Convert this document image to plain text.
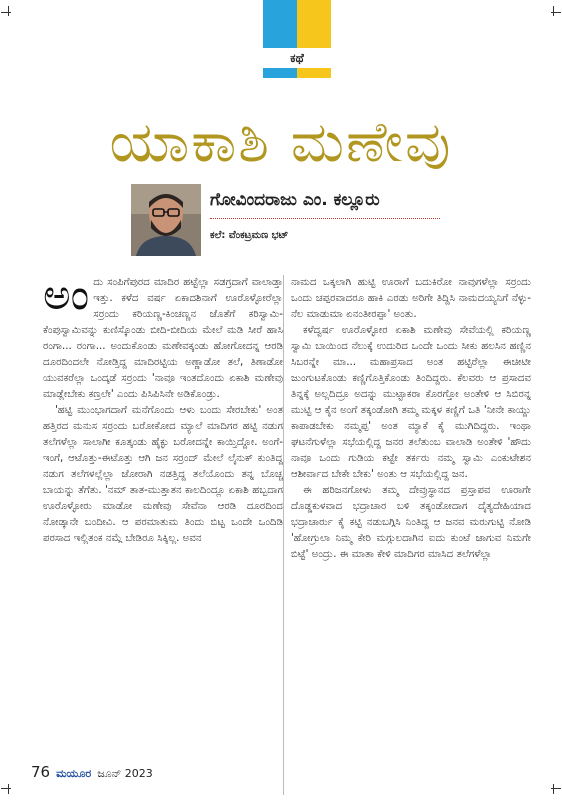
ಕಥೆ
ಯಾಕಾಶಿ ಮಣೇವು
ಗೋವಿಂದರಾಜು ಎಂ. ಕಲ್ಲೂರು
ಕಲೆ: ವೆಂಕಟ್ರಮಣ ಭಟ್

ಅಂದು ಸಂಪಿಗೆಪುರದ ಮಾದಿರ ಹಟ್ಟೆಲ್ಲಾ ಸಡಗ್ರದಾಗೆ ವಾಲಾಡ್ತಾ ಇತ್ತು. ಕಳೆದ ವರ್ಷ ಏಕಾದಶಿನಾಗೆ ಊರೊಳ್ಳೋರೆಲ್ಲಾ ಸರ್ರಂದು ಕರಿಯಣ್ಣ-ಕಿಂಚಣ್ಣನ ಜೊತೆಗೆ ಕರಿಸ್ವಾಮಿ-ಕೆಂಪುಸ್ವಾಮಿವನ್ನು ಕುಣಿಸ್ಕೊಂಡು ಬೀದಿ-ಬೀದಿಯ ಮೇಲೆ ಮಡಿ ಸೀರೆ ಹಾಸಿ ರಂಗಾ... ರಂಗಾ... ಅಂದುಕೊಂಡು ಮಣೇವಕ್ಕಂಡು ಹೋಗೋದನ್ನ ಆರಡಿ ದೂರದಿಂದಲೇ ನೋಡ್ತಿದ್ದ ಮಾದಿರಟ್ಟಿಯ ಅಣ್ಣಾಡೋ ತಲೆ, ತಿಣಾಡೋ ಯುವಕರೆಲ್ಲಾ ಒಂದ್ಕಡೆ ಸರ್ರಂದು 'ನಾವೂ ಇಂತದೊಂದು ಏಕಾಶಿ ಮಣೇವು ಮಾಡ್ಲೇಬೇಕು ಕಣ್ರಲೇ' ಎಂದು ಪಿಸಿಪಿಸಿನೇ ಅಡಿಕೊಂಡ್ರು.

'ಹಟ್ಟಿ ಮುಂಭಾಗದಾಗೆ ಮನೆಗೊಂದು ಆಳು ಬಂದು ಸೇರಬೇಕು' ಅಂತ ಹತ್ತಿರದ ಮನುಸ ಸರ್ರಂದು ಬರೋಕೋದ ಮ್ಯಾಲೆ ಮಾದಿಗರ ಹಟ್ಟಿ ನಡುಗ ತಲೆಗಳೆಲ್ಲಾ ಸಾಲಾಗೀ ಕೂತ್ಕಂಡು ಹೈಕ್ಳು ಬರೋದನ್ನೇ ಕಾಯ್ತಿದ್ದೋ. ಅಂಗೆ-ಇಂಗೆ, ಆಟೊತ್ತು-ಈಟೊತ್ತು ಆಗಿ ಜನ ಸರ್ರಂದ್ ಮೇಲೆ ಲೈನುಕ್ ಕುಂತಿದ್ದ ನಡುಗ ತಲೆಗಳಲ್ಲೆಲ್ಲಾ ಜೋರಾಗಿ ನಡತ್ತಿದ್ದ ತಲೆಯೊಂದು ತನ್ನ ಬೊಚ್ಚ ಬಾಯನ್ನು ತೆಗೆತು. 'ನಮ್ ತಾತ-ಮುತ್ತಾತನ ಕಾಲದಿಂದ್ಲೂ ಏಕಾಶಿ ಹಬ್ಬದಾಗ ಊರೊಳ್ಳೋರು ಮಾಡೋ ಮಣೇವು ಸೇವೆನಾ ಆರಡಿ ದೂರದಿಂದ ನೋಡ್ಕಾನೇ ಬಂದೀವಿ. ಆ ಪರಮಾತುಮ ತಿಂದು ಬಿಟ್ಟ ಒಂದೇ ಒಂದಿಡಿ ಪರಸಾದ ಇಲ್ಲಿತಂಕ ನಮ್ಗೆ ಬೇಡಿರೂ ಸಿಕ್ಕಿಲ್ಲ. ಅವನ

ನಾಮದ ಒಕ್ಕಲಾಗಿ ಹುಟ್ಟಿ ಊರಾಗೆ ಬದುಕಿರೋ ನಾವುಗಳೆಲ್ಲಾ ಸರ್ರಂದು ಒಂದು ಚಪ್ಪರವಾದರೂ ಹಾಕಿ ಎರಡು ಅರಿಗೇ ತಿದ್ದಿಸಿ ನಾಮದಯ್ಯನಿಗೆ ನೆಳ್ಳು-ನೆಲ ಮಾಡುಮಾ ಏನಂತೀರಪ್ಪಾ' ಅಂತು.

ಕಳೆದ್ವರ್ಷ ಊರೊಳ್ಳೋರ ಏಕಾಶಿ ಮಣೇವು ಸೇವೆಯಲ್ಲಿ ಕರಿಯಣ್ಣ ಸ್ವಾಮಿ ಬಾಯಿಂದ ನೆಲುಕ್ಕೆ ಉದುರಿದ ಒಂದೇ ಒಂದು ಸೀಕು ಹಲಸಿನ ಹಣ್ಣಿನ ಸಿಬರನ್ನೇ ಮಾ... ಮಹಾಪ್ರಸಾದ ಅಂತ ಹಟ್ಟಿರೆಲ್ಲಾ ಈಚೀಟೀ ಜುಂಗುಟಕೊಂಡು ಕಣ್ಣಿಗೊತ್ತಿಕೊಂಡು ತಿಂದಿದ್ದರು. ಕೆಲವರು ಆ ಪ್ರಸಾದವ ತಿನ್ನಕ್ಕೆ ಅಲ್ಲದಿದ್ರೂ ಅದನ್ನು ಮುಟ್ಟಾಕರಾ ಕೊರಗ್ತೋ ಅಂತೇಳಿ ಆ ಸಿಬಿರನ್ನ ಮುಟ್ಟಿ ಆ ಕೈನ ಅಂಗೆ ತಕ್ಕಂಡೋಗಿ ತಮ್ಮ ಮಕ್ಕಳ ಕಣ್ಣಿಗೆ ಒತಿ 'ನೀನೇ ಕಾಯ್ದು ಕಾಪಾಡಬೇಕು ನಮ್ಮಪ್ಪ' ಅಂತ ಮ್ಯಾಕೆ ಕೈ ಮುಗಿದಿದ್ದರು. ಇಂಥಾ ಘಟನೆಗುಳೆಲ್ಲಾ ಸಭೆಯಲ್ಲಿದ್ದ ಜನರ ತಲೆತುಂಬ ವಾಲಾಡಿ ಅಂತೇಳಿ 'ಹೌದು ನಾವೂ ಒಂದು ಗುಡಿಯ ಕಟ್ಟೇ ತರ್ಕರು ನಮ್ಮ ಸ್ವಾಮಿ ಎಂಕುಟೇಶನ ಆಶೀರ್ವಾದ ಬೇಕೇ ಬೇಕು' ಅಂತು ಆ ಸಭೆಯಲ್ಲಿದ್ದ ಜನ.

ಈ ಹರಿಜನಗೋಳು ತಮ್ಮ ದೇವ್ರುಸ್ಥಾನದ ಪ್ರಸ್ತಾಪವ ಊರಾಗೇ ದೊಡ್ಡಕುಳವಾದ ಭದ್ರಾಚಾರ ಬಳಿ ತಕ್ಕಂಡೋದಾಗ ದೈತ್ಯದೇಹಿಯಾದ ಭದ್ರಾಚಾರ್ರು ಕೈ ಕಟ್ಟಿ ನಡುಬಗ್ಗಿಸಿ ನಿಂತಿದ್ದ ಆ ಜನವ ಮರುಗುಟ್ಟಿ ನೋಡಿ 'ಹೋಗ್ರುಲಾ ನಿಮ್ಮ ಕೇರಿ ಮಗ್ಗುಲದಾಗಿನ ಐದು ಕುಂಟೆ ಜಾಗುವ ನಿಮಗೇ ಬಿಟ್ಟೆ' ಅಂದ್ರು. ಈ ಮಾತಾ ಕೇಳಿ ಮಾದಿಗರ ಮಾಸಿದ ತಲೆಗಳೆಲ್ಲಾ

76 ಮಯೂರ ಜೂನ್ 2023
